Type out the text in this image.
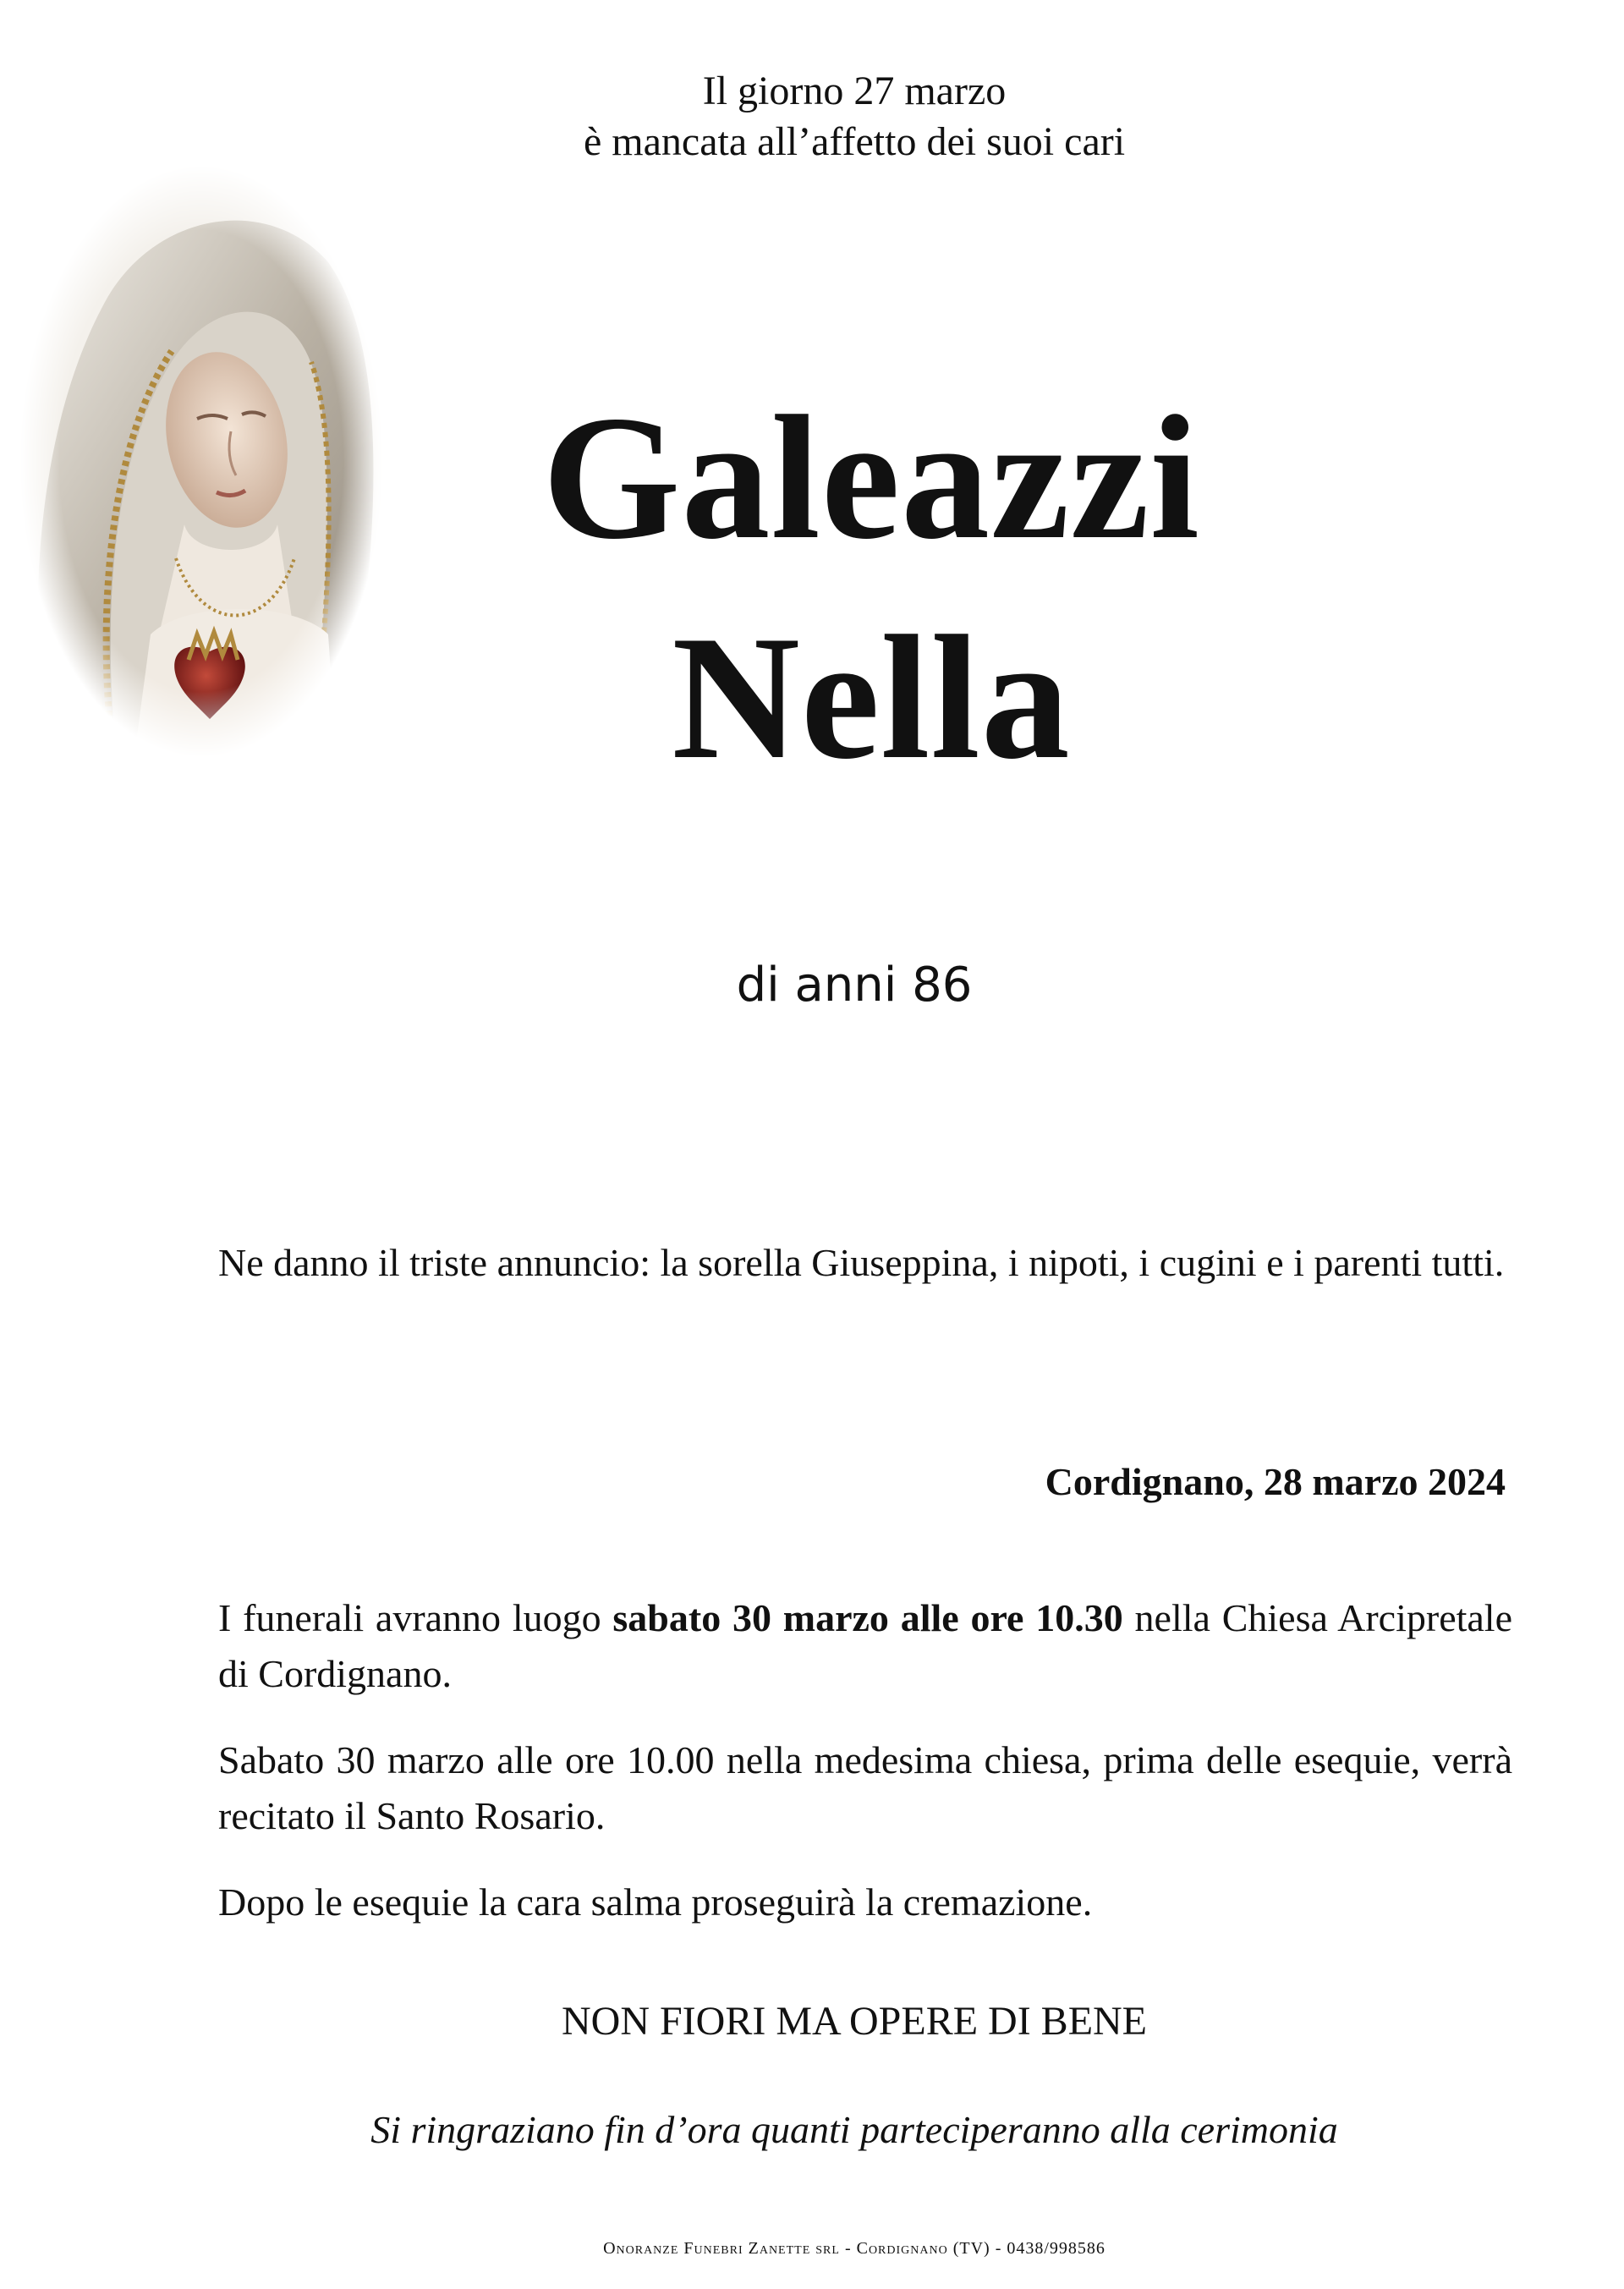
Il giorno 27 marzo
è mancata all’affetto dei suoi cari
Galeazzi
Nella
di anni 86
Ne danno il triste annuncio: la sorella Giuseppina, i nipoti, i cugini e i parenti tutti.
Cordignano, 28 marzo 2024
I funerali avranno luogo sabato 30 marzo alle ore 10.30 nella Chiesa Arcipretale di Cordignano.
Sabato 30 marzo alle ore 10.00 nella medesima chiesa, prima delle esequie, verrà recitato il Santo Rosario.
Dopo le esequie la cara salma proseguirà la cremazione.
NON FIORI MA OPERE DI BENE
Si ringraziano fin d’ora quanti parteciperanno alla cerimonia
Onoranze Funebri Zanette srl - Cordignano (TV) - 0438/998586
